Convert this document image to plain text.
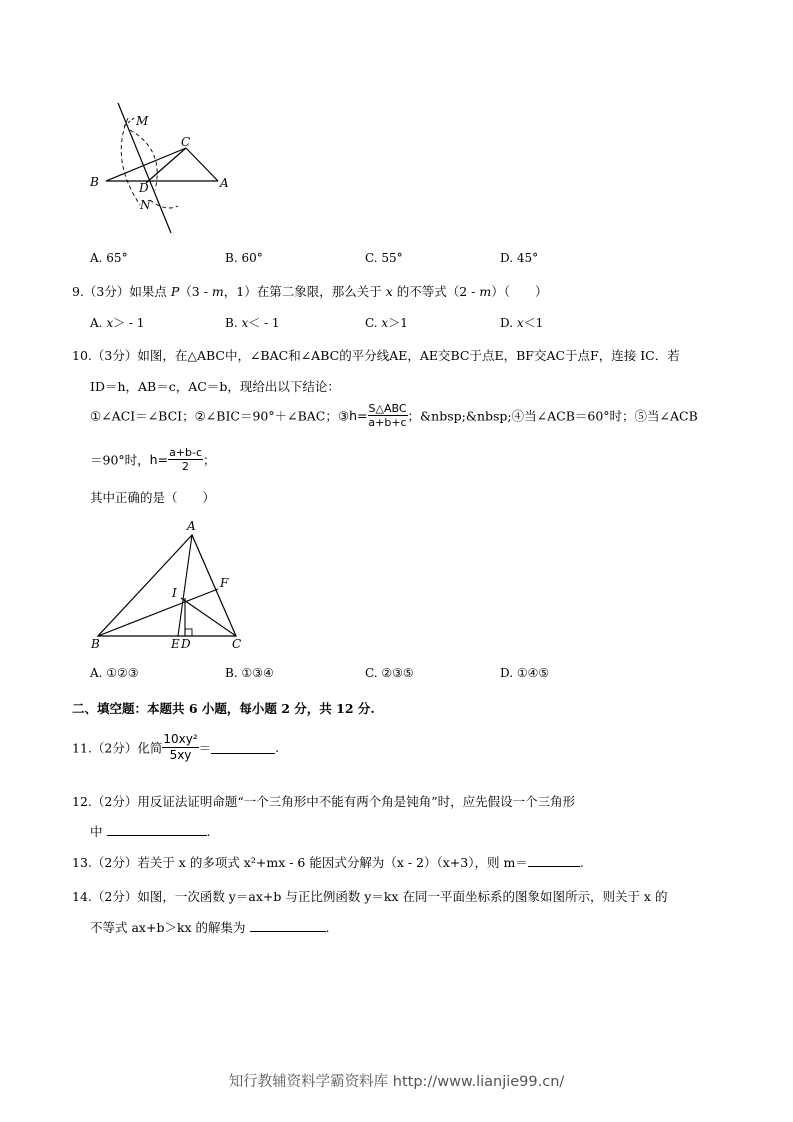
M
C
B	D	A
N
A. 65°	B. 60°	C. 55°	D. 45°
9.（3分）如果点 P（3 - m，1）在第二象限，那么关于 x 的不等式（2 - m）（　　）
A. x＞ - 1	B. x＜ - 1	C. x＞1	D. x＜1
10.（3分）如图，在△ABC中，∠BAC和∠ABC的平分线AE，AE交BC于点E，BF交AC于点F，连接 IC．若
ID＝h，AB＝c，AC＝b，现给出以下结论：
①∠ACI＝∠BCI；②∠BIC＝90°＋∠BAC；③h= $\frac{\text{S△ABC}}{a+b+c}$ ；&nbsp;&nbsp;④当∠ACB＝60°时；⑤当∠ACB
＝90°时，$h= \frac{a+b-c}{2}$ ；
其中正确的是（　　）
A
F
I
B	E D	C
A. ①②③	B. ①③④	C. ②③⑤	D. ①④⑤
二、填空题：本题共 6 小题，每小题 2 分，共 12 分.
11.（2分）化简 $\frac{\text{10xy²}}{5xy}$ ＝	.
12.（2分）用反证法证明命题“一个三角形中不能有两个角是钝角”时，应先假设一个三角形
中	.
13.（2分）若关于 x 的多项式 x²+mx - 6 能因式分解为（x - 2）（x+3），则 m＝	.
14.（2分）如图，一次函数 y＝ax+b 与正比例函数 y＝kx 在同一平面坐标系的图象如图所示，则关于 x 的
不等式 ax+b＞kx 的解集为	.
知行教辅资料学霸资料库 http://www.lianjie99.cn/
